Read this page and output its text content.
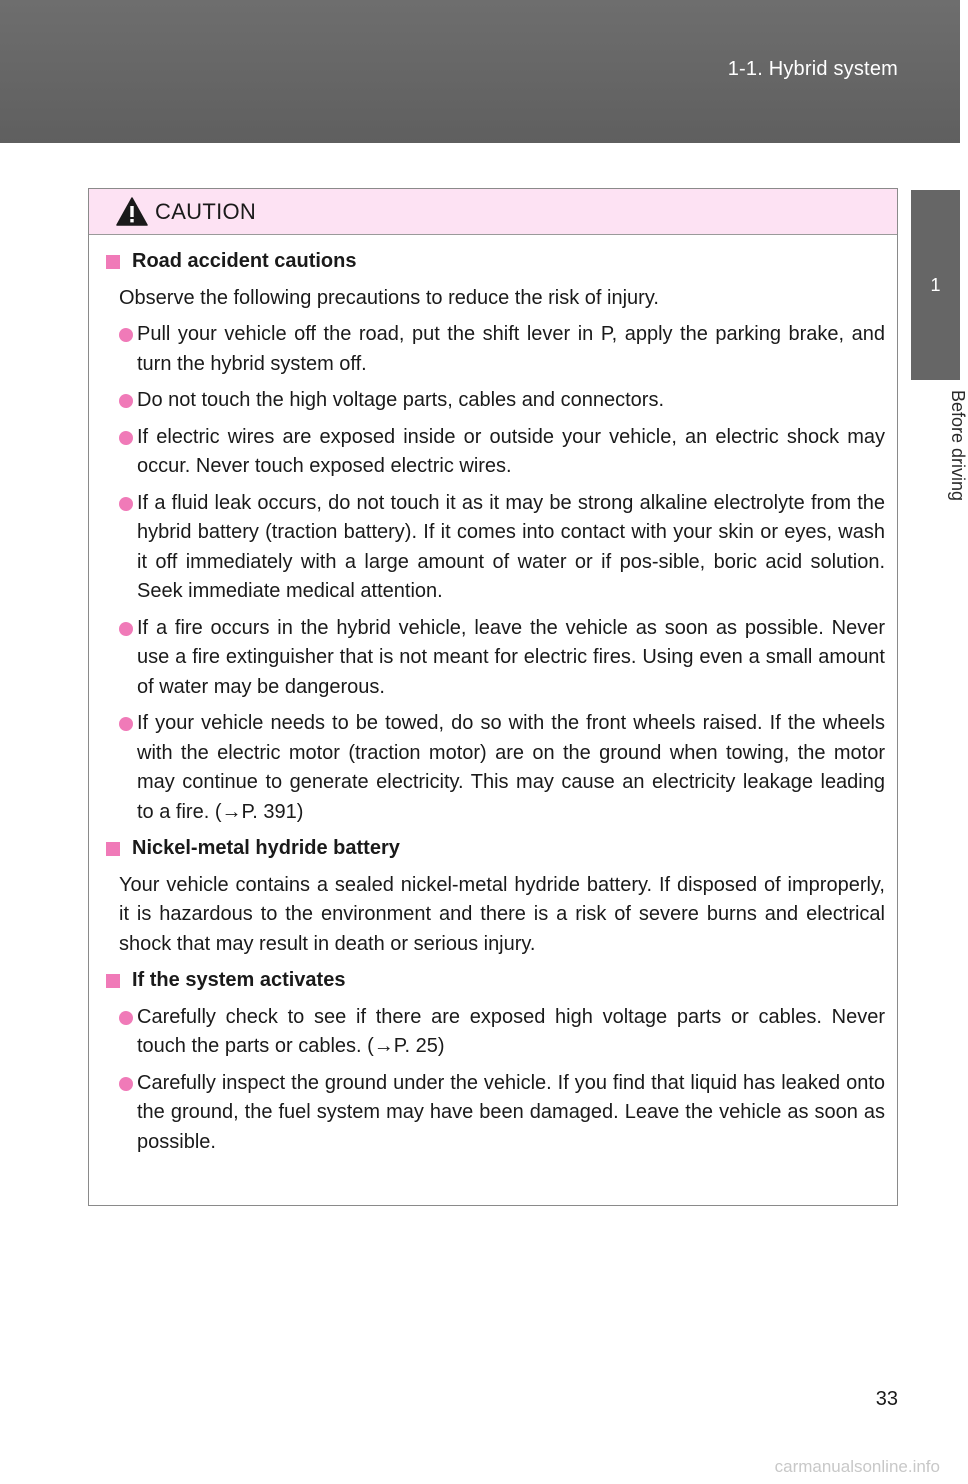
1-1. Hybrid system
1
Before driving
CAUTION
Road accident cautions
Observe the following precautions to reduce the risk of injury.
Pull your vehicle off the road, put the shift lever in P, apply the parking brake, and turn the hybrid system off.
Do not touch the high voltage parts, cables and connectors.
If electric wires are exposed inside or outside your vehicle, an electric shock may occur. Never touch exposed electric wires.
If a fluid leak occurs, do not touch it as it may be strong alkaline electrolyte from the hybrid battery (traction battery). If it comes into contact with your skin or eyes, wash it off immediately with a large amount of water or if pos-sible, boric acid solution. Seek immediate medical attention.
If a fire occurs in the hybrid vehicle, leave the vehicle as soon as possible. Never use a fire extinguisher that is not meant for electric fires. Using even a small amount of water may be dangerous.
If your vehicle needs to be towed, do so with the front wheels raised. If the wheels with the electric motor (traction motor) are on the ground when towing, the motor may continue to generate electricity. This may cause an electricity leakage leading to a fire. (→P. 391)
Nickel-metal hydride battery
Your vehicle contains a sealed nickel-metal hydride battery. If disposed of improperly, it is hazardous to the environment and there is a risk of severe burns and electrical shock that may result in death or serious injury.
If the system activates
Carefully check to see if there are exposed high voltage parts or cables. Never touch the parts or cables. (→P. 25)
Carefully inspect the ground under the vehicle. If you find that liquid has leaked onto the ground, the fuel system may have been damaged. Leave the vehicle as soon as possible.
33
carmanualsonline.info
